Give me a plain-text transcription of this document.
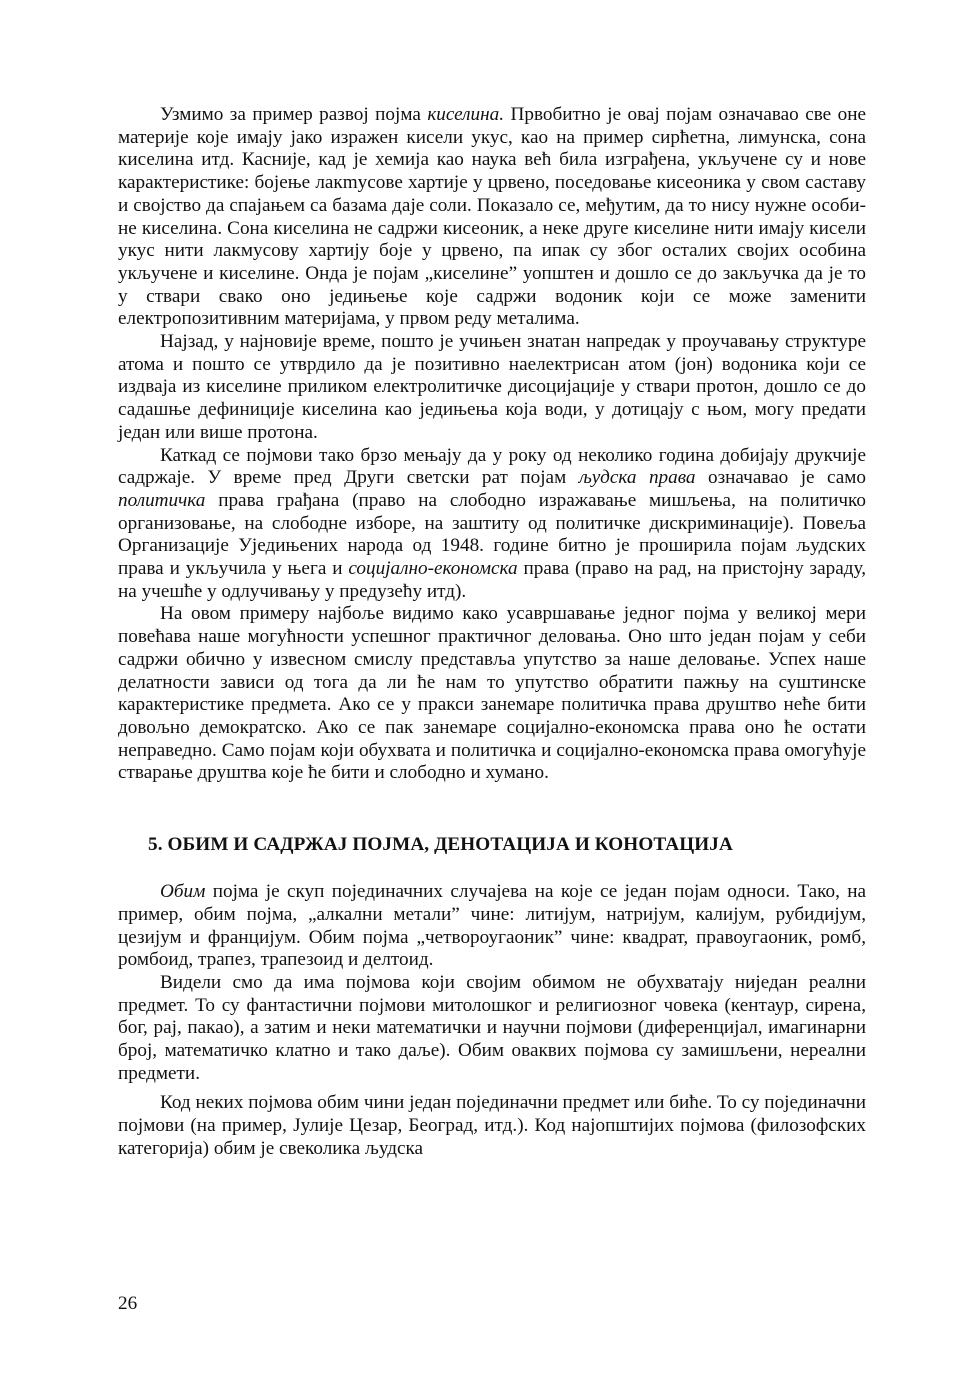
Узмимо за пример развој појма киселина. Првобитно је овај појам означавао све оне материје које имају јако изражен кисели укус, као на пример сирћетна, лимунска, сона киселина итд. Касније, кад је хемија као наука већ била изграђена, укључене су и нове карактеристике: бојење лакmусове хартије у црвено, поседовање кисеоника у свом саставу и својство да спајањем са базама даје соли. Показало се, међутим, да то нису нужне особине киселина. Сона киселина не садржи кисеоник, а неке друге киселине нити имају кисели укус нити лакмусову хартију боје у црвено, па ипак су због осталих својих особина укључене и киселине. Онда је појам „киселине” уопштен и дошло се до закључка да је то у ствари свако оно једињење које садржи водоник који се може заменити електропозитивним материјама, у првом реду металима.

Најзад, у најновије време, пошто је учињен знатан напредак у проучавању структуре атома и пошто се утврдило да је позитивно наелектрисан атом (јон) водоника који се издваја из киселине приликом електролитичке дисоцијације у ствари протон, дошло се до садашње дефиниције киселина као једињења која води, у дотицају с њом, могу предати један или више протона.

Каткад се појмови тако брзо мењају да у року од неколико година добијају друкчије садржаје. У време пред Други светски рат појам људска права означавао је само политичка права грађана (право на слободно изражавање мишљења, на политичко организовање, на слободне изборе, на заштиту од политичке дискриминације). Повеља Организације Уједињених народа од 1948. године битно је проширила појам људских права и укључила у њега и социјално-економска права (право на рад, на пристојну зараду, на учешће у одлучивању у предузећу итд).

На овом примеру најбоље видимо како усавршавање једног појма у великој мери повећава наше могућности успешног практичног деловања. Оно што један појам у себи садржи обично у извесном смислу представља упутство за наше деловање. Успех наше делатности зависи од тога да ли ће нам то упутство обратити пажњу на суштинске карактеристике предмета. Ако се у пракси занемаре политичка права друштво неће бити довољно демократско. Ако се пак занемаре социјално-економска права оно ће остати неправедно. Само појам који обухвата и политичка и социјално-економска права омогућује стварање друштва које ће бити и слободно и хумано.

5. ОБИМ И САДРЖАЈ ПОЈМА, ДЕНОТАЦИЈА И КОНОТАЦИЈА

Обим појма је скуп појединачних случајева на које се један појам односи. Тако, на пример, обим појма, „алкални метали” чине: литијум, натријум, калијум, рубидијум, цезијум и францијум. Обим појма „четвороугаоник” чине: квадрат, правоугаоник, ромб, ромбоид, трапез, трапезоид и делтоид.

Видели смо да има појмова који својим обимом не обухватају ниједан реални предмет. То су фантастични појмови митолошког и религиозног човека (кентаур, сирена, бог, рај, пакао), а затим и неки математички и научни појмови (диференцијал, имагинарни број, математичко клатно и тако даље). Обим оваквих појмова су замишљени, нереални предмети.

Код неких појмова обим чини један појединачни предмет или биће. То су појединачни појмови (на пример, Јулије Цезар, Београд, итд.). Код најопштијих појмова (филозофских категорија) обим је свеколика људска

26
